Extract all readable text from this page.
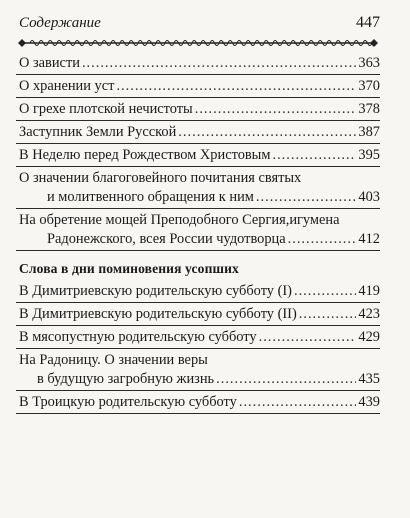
Содержание	447
О зависти .....	363
О хранении уст .....	370
О грехе плотской нечистоты .....	378
Заступник Земли Русской .....	387
В Неделю перед Рождеством Христовым .....	395
О значении благоговейного почитания святых
и молитвенного обращения к ним .....	403
На обретение мощей Преподобного Сергия,игумена
Радонежского, всея России чудотворца .....	412
Слова в дни поминовения усопших
В Димитриевскую родительскую субботу (I) .....	419
В Димитриевскую родительскую субботу (II) .....	423
В мясопустную родительскую субботу .....	429
На Радоницу. О значении веры
в будущую загробную жизнь .....	435
В Троицкую родительскую субботу .....	439
